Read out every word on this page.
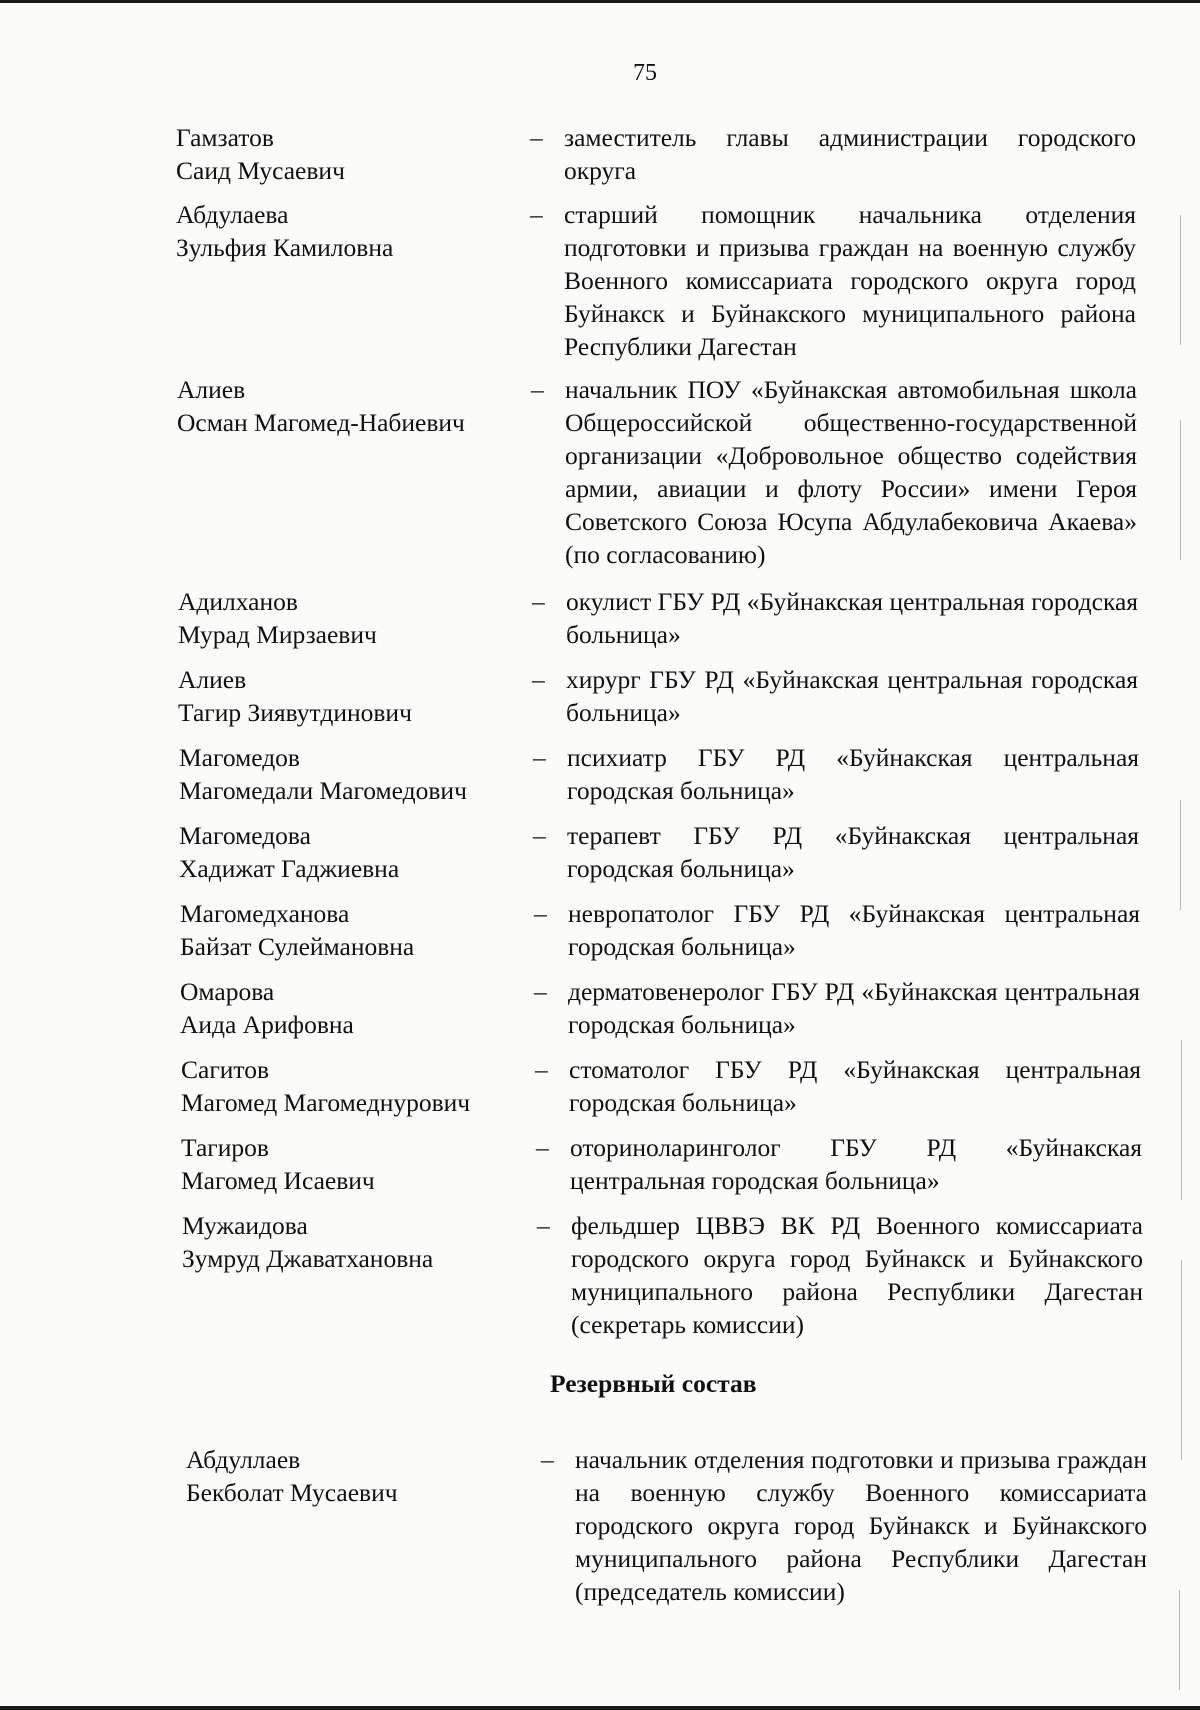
75
Гамзатов
Саид Мусаевич
– заместитель главы администрации городского округа
Абдулаева
Зульфия Камиловна
– старший помощник начальника отделения подготовки и призыва граждан на военную службу Военного комиссариата городского округа город Буйнакск и Буйнакского муниципального района Республики Дагестан
Алиев
Осман Магомед-Набиевич
– начальник ПОУ «Буйнакская автомобильная школа Общероссийской общественно-государственной организации «Добровольное общество содействия армии, авиации и флоту России» имени Героя Советского Союза Юсупа Абдулабековича Акаева» (по согласованию)
Адилханов
Мурад Мирзаевич
– окулист ГБУ РД «Буйнакская центральная городская больница»
Алиев
Тагир Зиявутдинович
– хирург ГБУ РД «Буйнакская центральная городская больница»
Магомедов
Магомедали Магомедович
– психиатр ГБУ РД «Буйнакская центральная городская больница»
Магомедова
Хадижат Гаджиевна
– терапевт ГБУ РД «Буйнакская центральная городская больница»
Магомедханова
Байзат Сулеймановна
– невропатолог ГБУ РД «Буйнакская центральная городская больница»
Омарова
Аида Арифовна
– дерматовенеролог ГБУ РД «Буйнакская центральная городская больница»
Сагитов
Магомед Магомеднурович
– стоматолог ГБУ РД «Буйнакская центральная городская больница»
Тагиров
Магомед Исаевич
– оториноларинголог ГБУ РД «Буйнакская центральная городская больница»
Мужаидова
Зумруд Джаватхановна
– фельдшер ЦВВЭ ВК РД Военного комиссариата городского округа город Буйнакск и Буйнакского муниципального района Республики Дагестан (секретарь комиссии)
Резервный состав
Абдуллаев
Бекболат Мусаевич
– начальник отделения подготовки и призыва граждан на военную службу Военного комиссариата городского округа город Буйнакск и Буйнакского муниципального района Республики Дагестан (председатель комиссии)
